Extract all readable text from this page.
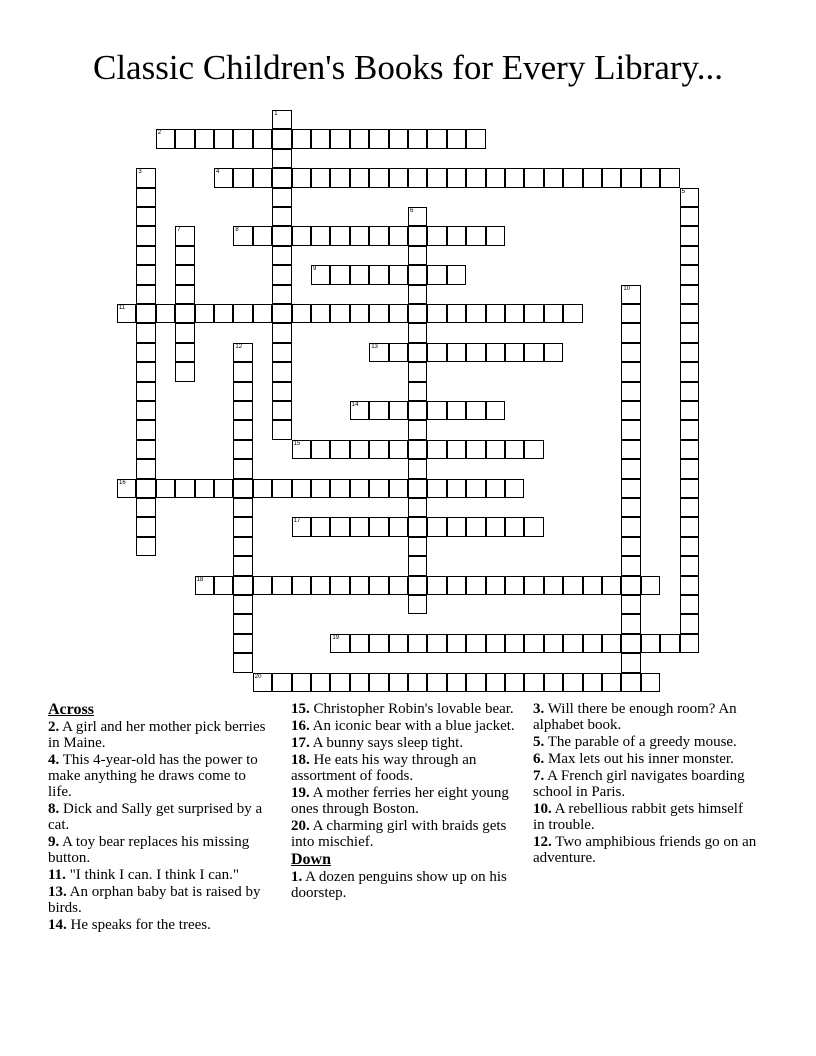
Classic Children's Books for Every Library...
1
2
3	4
5
6
7	8
9
10
11
12	13
14
15
16
17
18
19
20
Across
2. A girl and her mother pick berries in Maine.
4. This 4-year-old has the power to make anything he draws come to life.
8. Dick and Sally get surprised by a cat.
9. A toy bear replaces his missing button.
11. "I think I can. I think I can."
13. An orphan baby bat is raised by birds.
14. He speaks for the trees.
15. Christopher Robin's lovable bear.
16. An iconic bear with a blue jacket.
17. A bunny says sleep tight.
18. He eats his way through an assortment of foods.
19. A mother ferries her eight young ones through Boston.
20. A charming girl with braids gets into mischief.
Down
1. A dozen penguins show up on his doorstep.
3. Will there be enough room? An alphabet book.
5. The parable of a greedy mouse.
6. Max lets out his inner monster.
7. A French girl navigates boarding school in Paris.
10. A rebellious rabbit gets himself in trouble.
12. Two amphibious friends go on an adventure.
